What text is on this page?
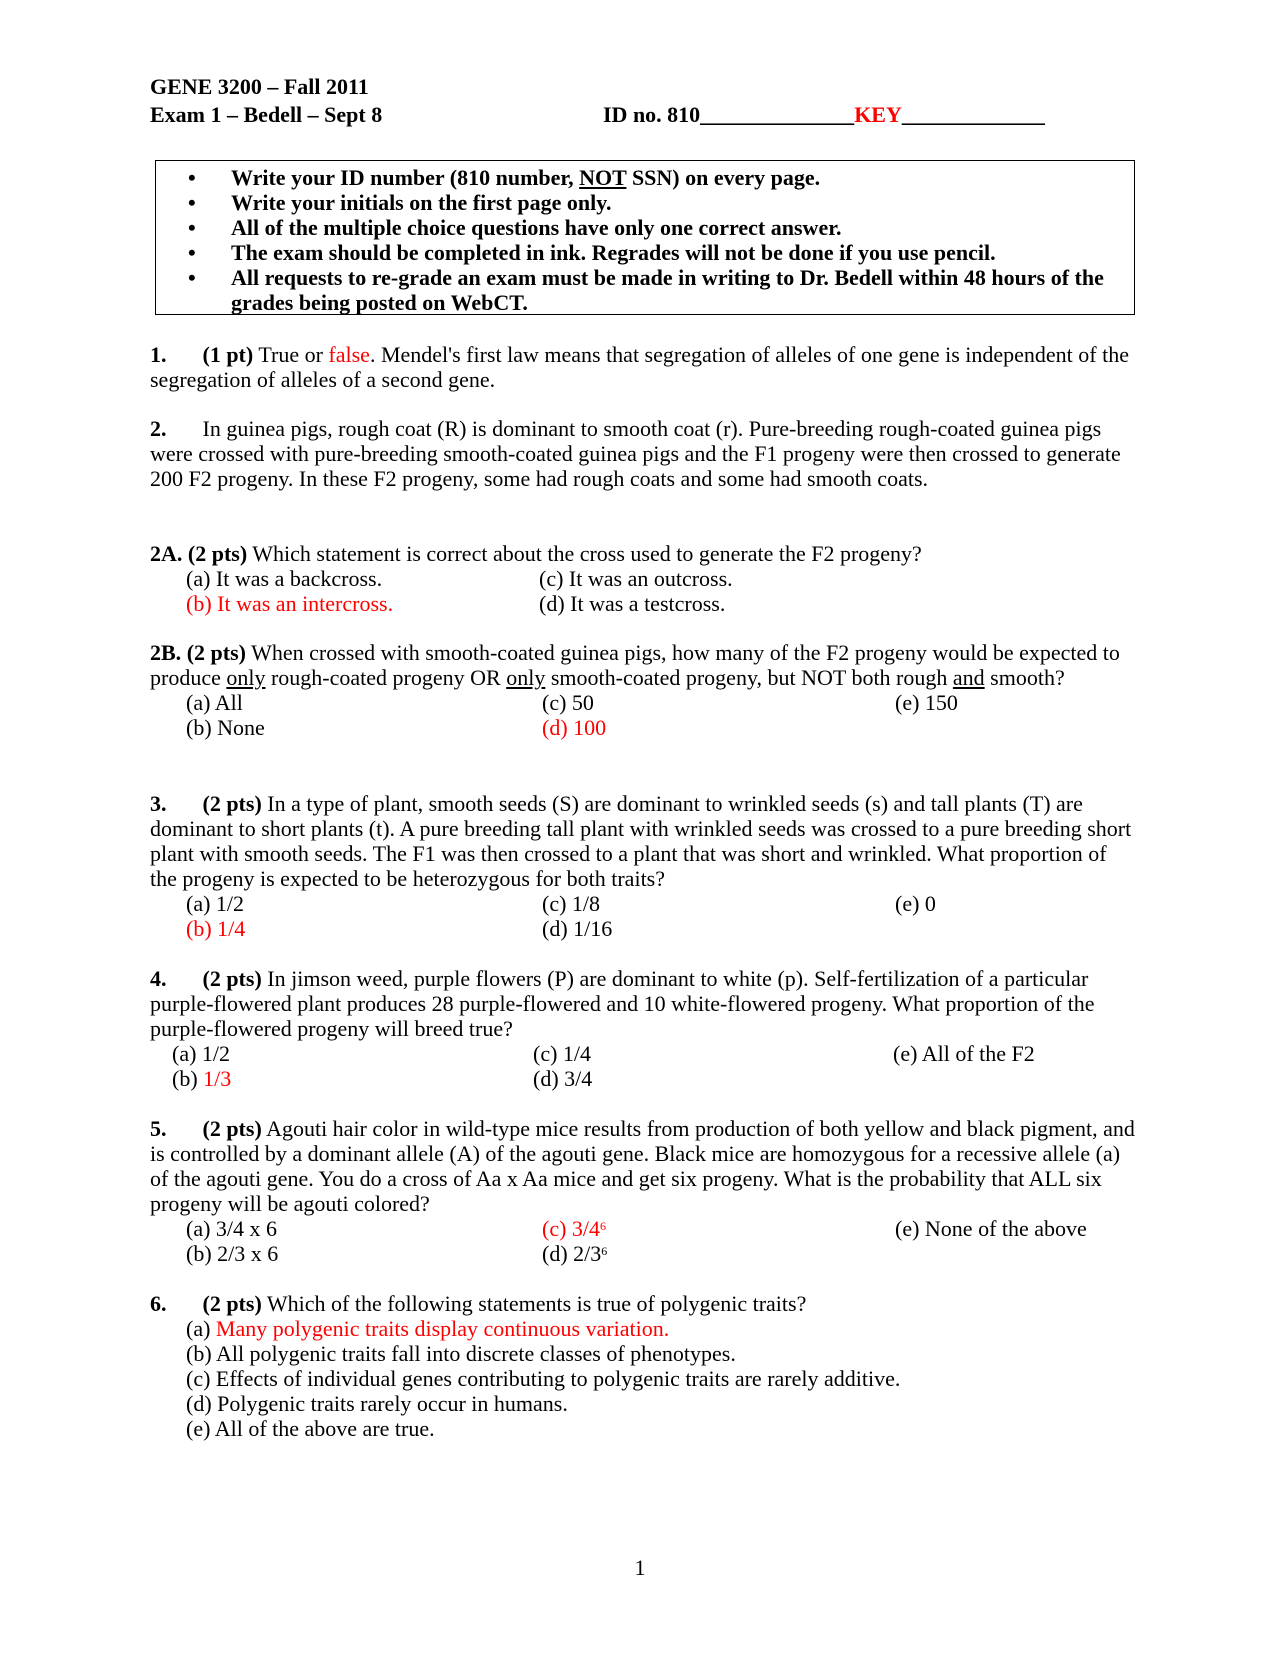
GENE 3200 – Fall 2011
Exam 1 – Bedell – Sept 8	ID no. 810______________KEY_____________
• Write your ID number (810 number, NOT SSN) on every page.
• Write your initials on the first page only.
• All of the multiple choice questions have only one correct answer.
• The exam should be completed in ink. Regrades will not be done if you use pencil.
• All requests to re-grade an exam must be made in writing to Dr. Bedell within 48 hours of the grades being posted on WebCT.

1. (1 pt) True or false. Mendel's first law means that segregation of alleles of one gene is independent of the segregation of alleles of a second gene.

2. In guinea pigs, rough coat (R) is dominant to smooth coat (r). Pure-breeding rough-coated guinea pigs were crossed with pure-breeding smooth-coated guinea pigs and the F1 progeny were then crossed to generate 200 F2 progeny. In these F2 progeny, some had rough coats and some had smooth coats.

2A. (2 pts) Which statement is correct about the cross used to generate the F2 progeny?

(a) It was a backcross.	(c) It was an outcross.
(b) It was an intercross.	(d) It was a testcross.

2B. (2 pts) When crossed with smooth-coated guinea pigs, how many of the F2 progeny would be expected to produce only rough-coated progeny OR only smooth-coated progeny, but NOT both rough and smooth?

(a) All	(c) 50	(e) 150
(b) None	(d) 100

3. (2 pts) In a type of plant, smooth seeds (S) are dominant to wrinkled seeds (s) and tall plants (T) are dominant to short plants (t). A pure breeding tall plant with wrinkled seeds was crossed to a pure breeding short plant with smooth seeds. The F1 was then crossed to a plant that was short and wrinkled. What proportion of the progeny is expected to be heterozygous for both traits?

(a) 1/2	(c) 1/8	(e) 0
(b) 1/4	(d) 1/16

4. (2 pts) In jimson weed, purple flowers (P) are dominant to white (p). Self-fertilization of a particular purple-flowered plant produces 28 purple-flowered and 10 white-flowered progeny. What proportion of the purple-flowered progeny will breed true?

(a) 1/2	(c) 1/4	(e) All of the F2
(b) 1/3	(d) 3/4

5. (2 pts) Agouti hair color in wild-type mice results from production of both yellow and black pigment, and is controlled by a dominant allele (A) of the agouti gene. Black mice are homozygous for a recessive allele (a) of the agouti gene. You do a cross of Aa x Aa mice and get six progeny. What is the probability that ALL six progeny will be agouti colored?

(a) 3/4 x 6	(c) $3/4^6$	(e) None of the above
(b) 2/3 x 6	(d) $2/3^6$

6. (2 pts) Which of the following statements is true of polygenic traits?

(a) Many polygenic traits display continuous variation.
(b) All polygenic traits fall into discrete classes of phenotypes.
(c) Effects of individual genes contributing to polygenic traits are rarely additive.
(d) Polygenic traits rarely occur in humans.
(e) All of the above are true.
1
